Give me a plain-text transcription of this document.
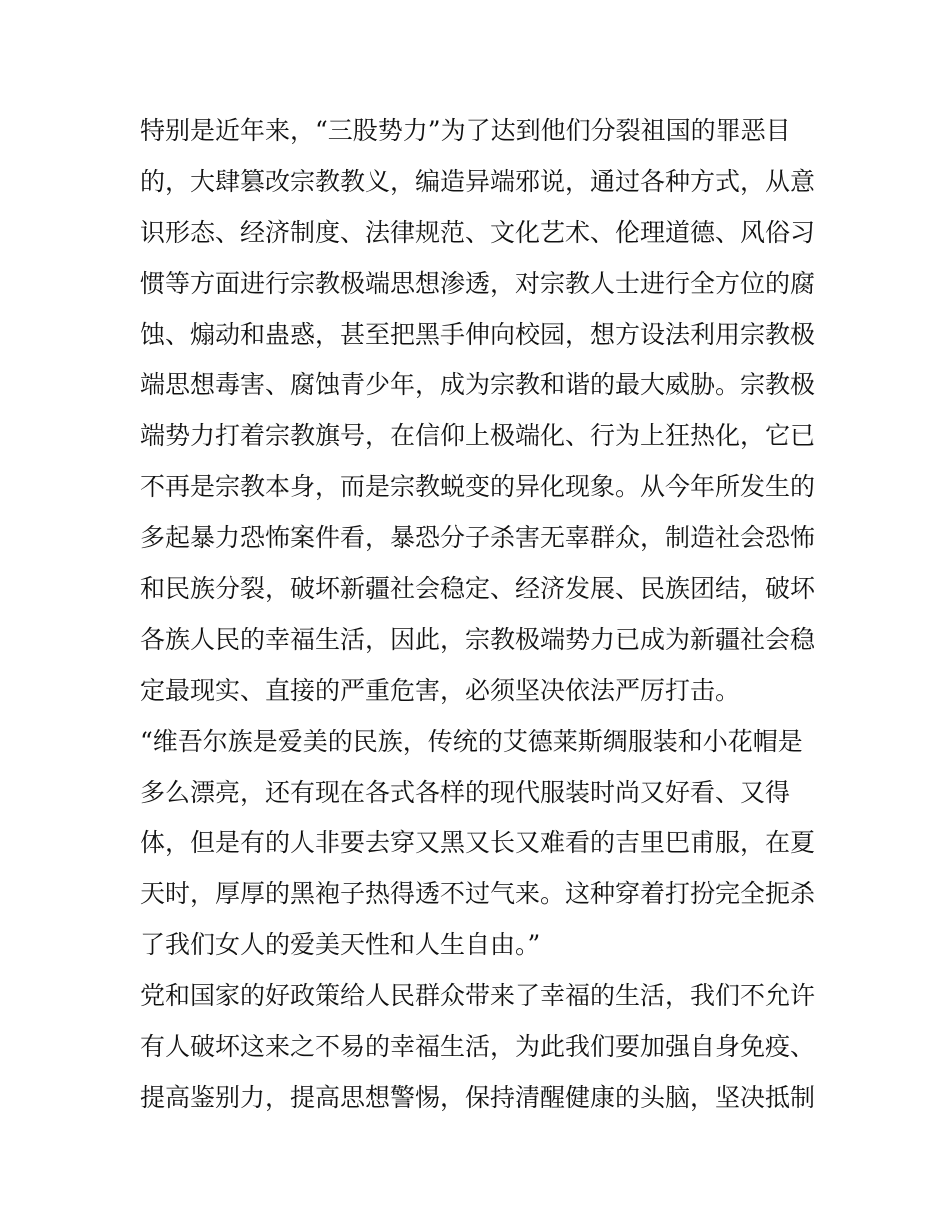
特别是近年来，“三股势力”为了达到他们分裂祖国的罪恶目
的，大肆篡改宗教教义，编造异端邪说，通过各种方式，从意
识形态、经济制度、法律规范、文化艺术、伦理道德、风俗习
惯等方面进行宗教极端思想渗透，对宗教人士进行全方位的腐
蚀、煽动和蛊惑，甚至把黑手伸向校园，想方设法利用宗教极
端思想毒害、腐蚀青少年，成为宗教和谐的最大威胁。宗教极
端势力打着宗教旗号，在信仰上极端化、行为上狂热化，它已
不再是宗教本身，而是宗教蜕变的异化现象。从今年所发生的
多起暴力恐怖案件看，暴恐分子杀害无辜群众，制造社会恐怖
和民族分裂，破坏新疆社会稳定、经济发展、民族团结，破坏
各族人民的幸福生活，因此，宗教极端势力已成为新疆社会稳
定最现实、直接的严重危害，必须坚决依法严厉打击。
“维吾尔族是爱美的民族，传统的艾德莱斯绸服装和小花帽是
多么漂亮，还有现在各式各样的现代服装时尚又好看、又得
体，但是有的人非要去穿又黑又长又难看的吉里巴甫服，在夏
天时，厚厚的黑袍子热得透不过气来。这种穿着打扮完全扼杀
了我们女人的爱美天性和人生自由。”
党和国家的好政策给人民群众带来了幸福的生活，我们不允许
有人破坏这来之不易的幸福生活，为此我们要加强自身免疫、
提高鉴别力，提高思想警惕，保持清醒健康的头脑，坚决抵制
